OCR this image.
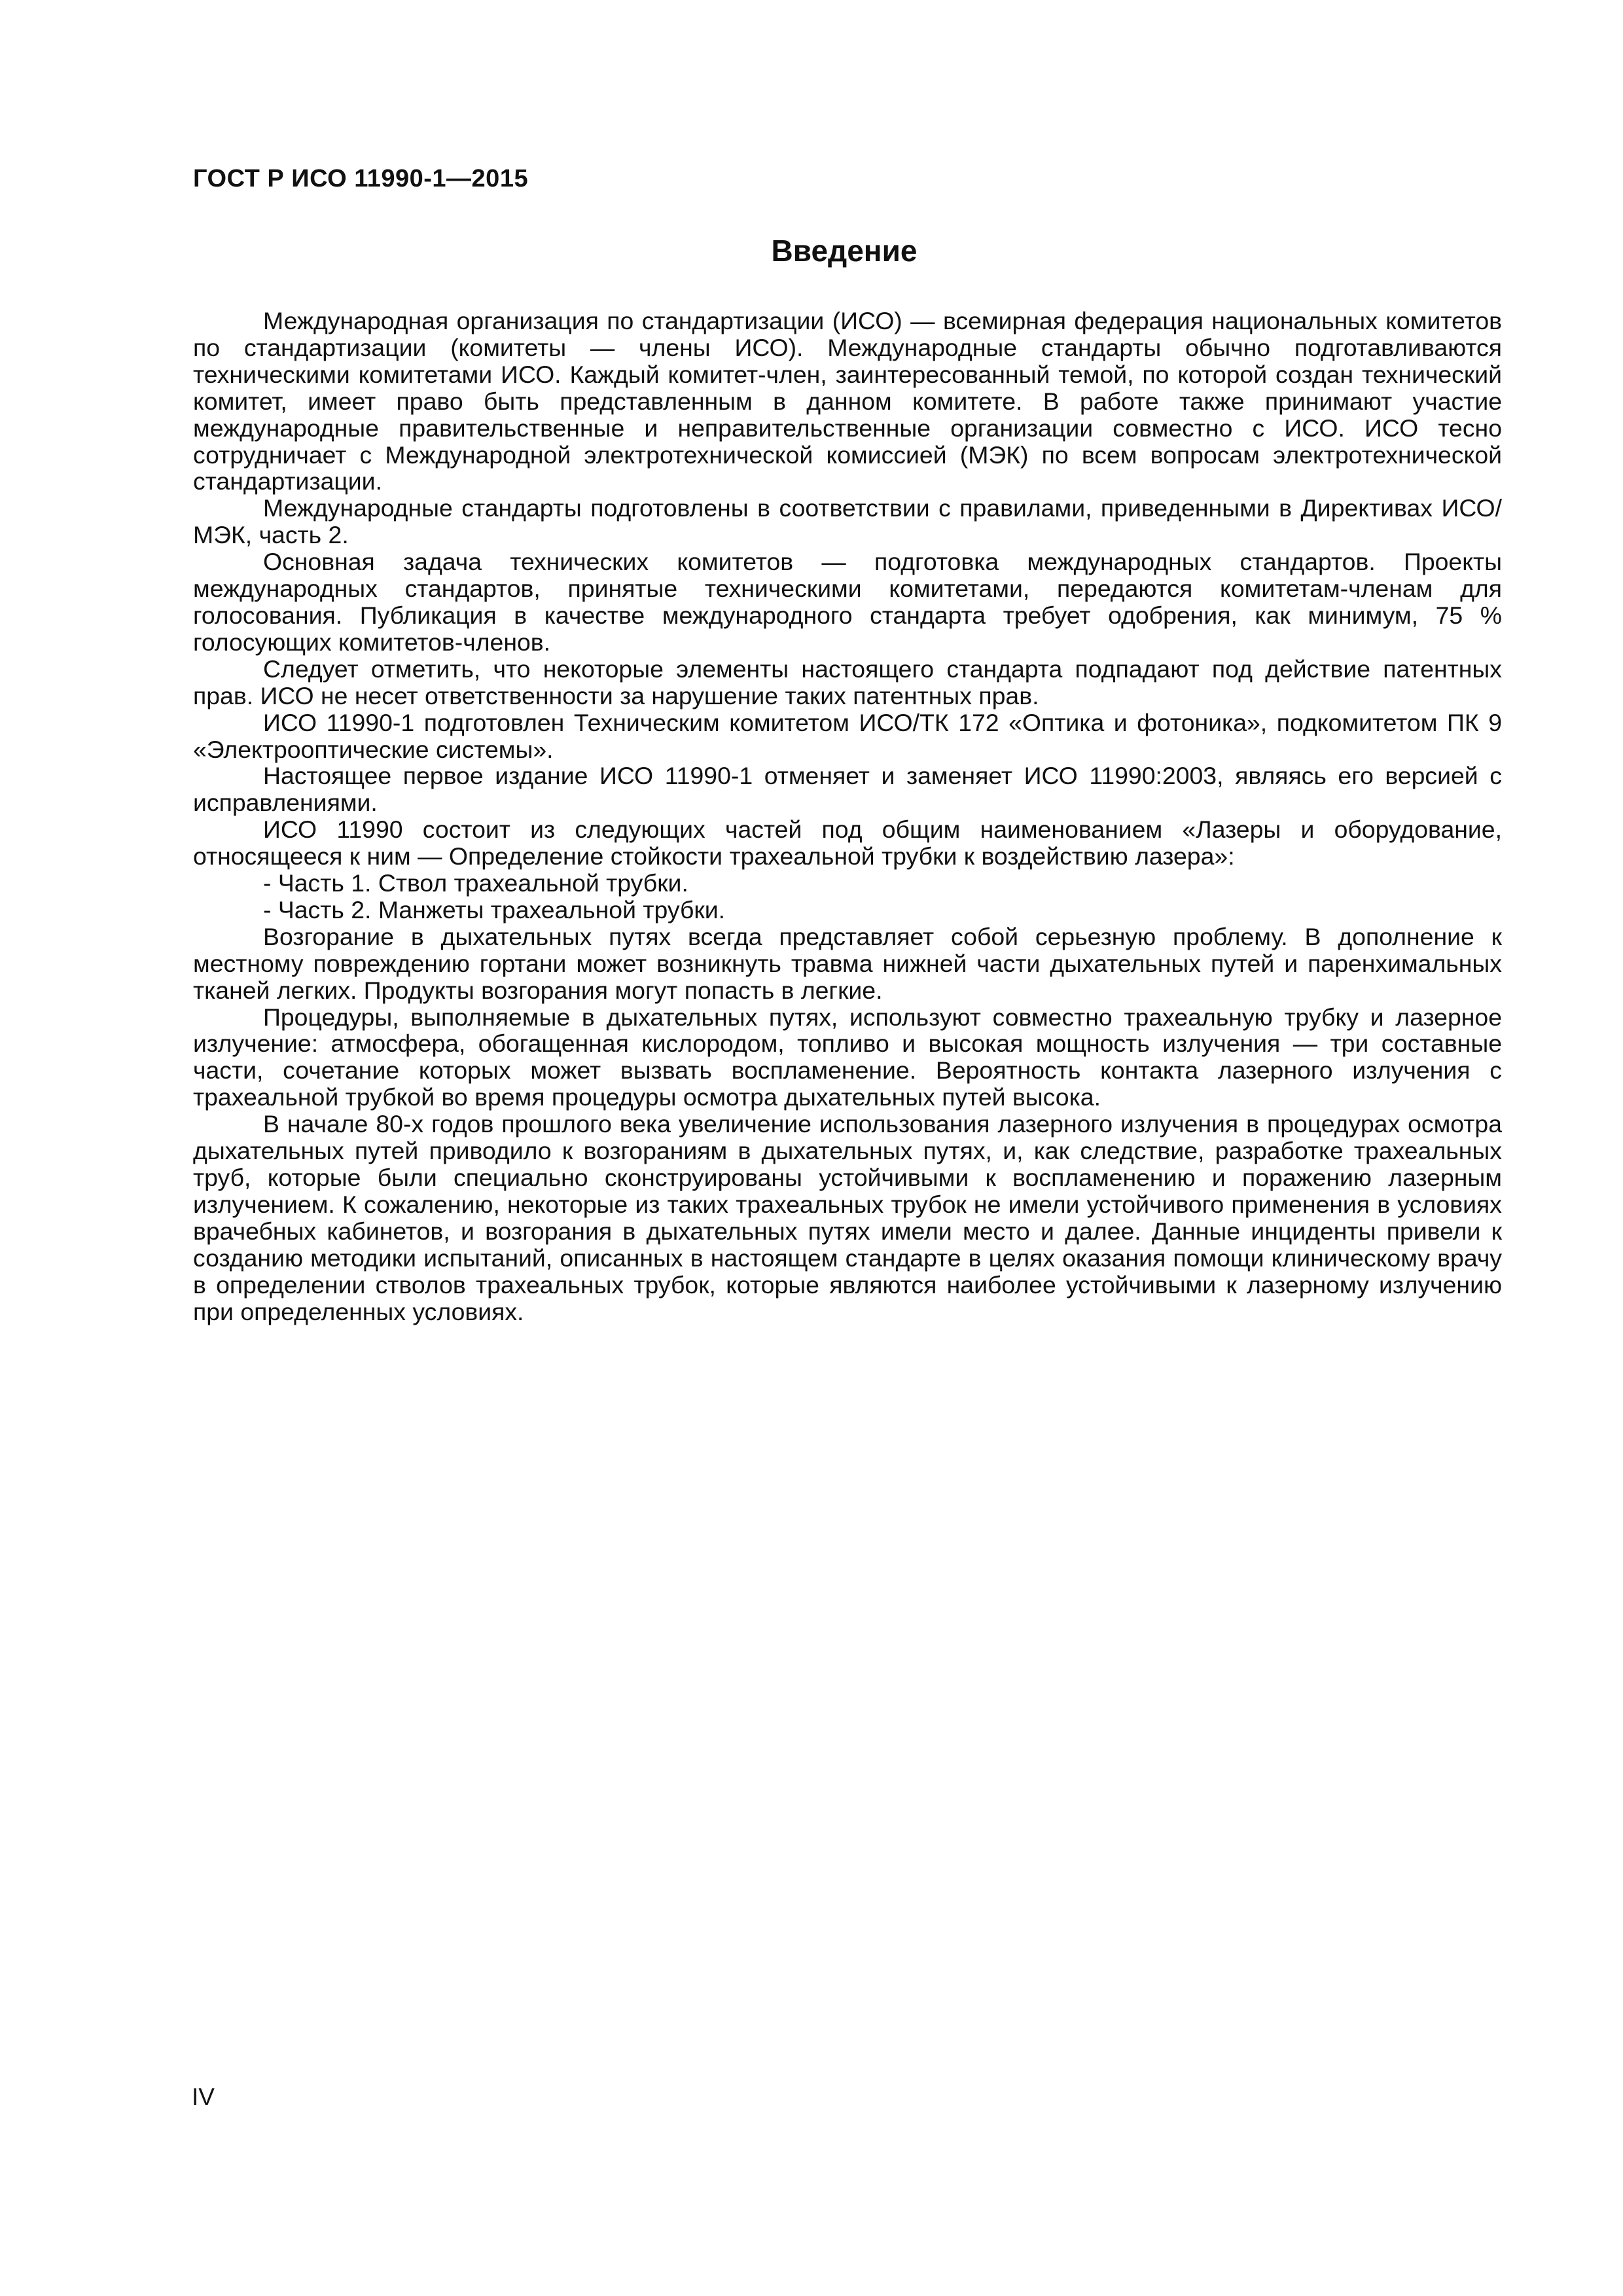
ГОСТ Р ИСО 11990-1—2015
Введение

Международная организация по стандартизации (ИСО) — всемирная федерация национальных комитетов по стандартизации (комитеты — члены ИСО). Международные стандарты обычно подготавливаются техническими комитетами ИСО. Каждый комитет-член, заинтересованный темой, по которой создан технический комитет, имеет право быть представленным в данном комитете. В работе также принимают участие международные правительственные и неправительственные организации совместно с ИСО. ИСО тесно сотрудничает с Международной электротехнической комиссией (МЭК) по всем вопросам электротехнической стандартизации.

Международные стандарты подготовлены в соответствии с правилами, приведенными в Директивах ИСО/МЭК, часть 2.

Основная задача технических комитетов — подготовка международных стандартов. Проекты международных стандартов, принятые техническими комитетами, передаются комитетам-членам для голосования. Публикация в качестве международного стандарта требует одобрения, как минимум, 75 % голосующих комитетов-членов.

Следует отметить, что некоторые элементы настоящего стандарта подпадают под действие патентных прав. ИСО не несет ответственности за нарушение таких патентных прав.

ИСО 11990-1 подготовлен Техническим комитетом ИСО/ТК 172 «Оптика и фотоника», подкомитетом ПК 9 «Электрооптические системы».

Настоящее первое издание ИСО 11990-1 отменяет и заменяет ИСО 11990:2003, являясь его версией с исправлениями.

ИСО 11990 состоит из следующих частей под общим наименованием «Лазеры и оборудование, относящееся к ним — Определение стойкости трахеальной трубки к воздействию лазера»:

- Часть 1. Ствол трахеальной трубки.

- Часть 2. Манжеты трахеальной трубки.

Возгорание в дыхательных путях всегда представляет собой серьезную проблему. В дополнение к местному повреждению гортани может возникнуть травма нижней части дыхательных путей и паренхимальных тканей легких. Продукты возгорания могут попасть в легкие.

Процедуры, выполняемые в дыхательных путях, используют совместно трахеальную трубку и лазерное излучение: атмосфера, обогащенная кислородом, топливо и высокая мощность излучения — три составные части, сочетание которых может вызвать воспламенение. Вероятность контакта лазерного излучения с трахеальной трубкой во время процедуры осмотра дыхательных путей высока.

В начале 80-х годов прошлого века увеличение использования лазерного излучения в процедурах осмотра дыхательных путей приводило к возгораниям в дыхательных путях, и, как следствие, разработке трахеальных труб, которые были специально сконструированы устойчивыми к воспламенению и поражению лазерным излучением. К сожалению, некоторые из таких трахеальных трубок не имели устойчивого применения в условиях врачебных кабинетов, и возгорания в дыхательных путях имели место и далее. Данные инциденты привели к созданию методики испытаний, описанных в настоящем стандарте в целях оказания помощи клиническому врачу в определении стволов трахеальных трубок, которые являются наиболее устойчивыми к лазерному излучению при определенных условиях.

IV
